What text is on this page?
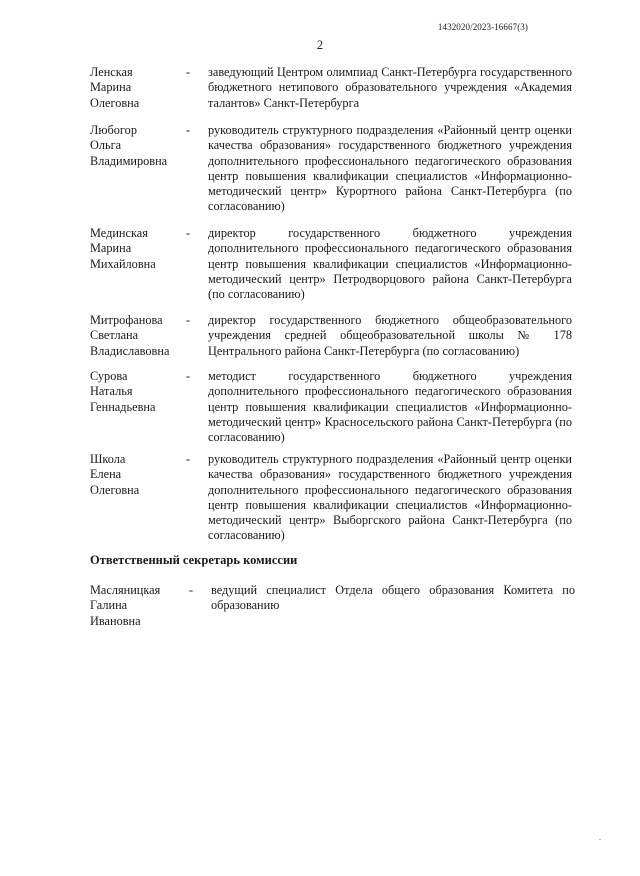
1432020/2023-16667(3)
2
Ленская
Марина
Олеговна
- заведующий Центром олимпиад Санкт-Петербурга государственного бюджетного нетипового образовательного учреждения «Академия талантов» Санкт-Петербурга
Любогор
Ольга
Владимировна
- руководитель структурного подразделения «Районный центр оценки качества образования» государственного бюджетного учреждения дополнительного профессионального педагогического образования центр повышения квалификации специалистов «Информационно-методический центр» Курортного района Санкт-Петербурга (по согласованию)
Мединская
Марина
Михайловна
- директор государственного бюджетного учреждения дополнительного профессионального педагогического образования центр повышения квалификации специалистов «Информационно-методический центр» Петродворцового района Санкт-Петербурга (по согласованию)
Митрофанова
Светлана
Владиславовна
- директор государственного бюджетного общеобразовательного учреждения средней общеобразовательной школы № 178 Центрального района Санкт-Петербурга (по согласованию)
Сурова
Наталья
Геннадьевна
- методист государственного бюджетного учреждения дополнительного профессионального педагогического образования центр повышения квалификации специалистов «Информационно-методический центр» Красносельского района Санкт-Петербурга (по согласованию)
Школа
Елена
Олеговна
- руководитель структурного подразделения «Районный центр оценки качества образования» государственного бюджетного учреждения дополнительного профессионального педагогического образования центр повышения квалификации специалистов «Информационно-методический центр» Выборгского района Санкт-Петербурга (по согласованию)
Ответственный секретарь комиссии
Масляницкая
Галина
Ивановна
- ведущий специалист Отдела общего образования Комитета по образованию
.
